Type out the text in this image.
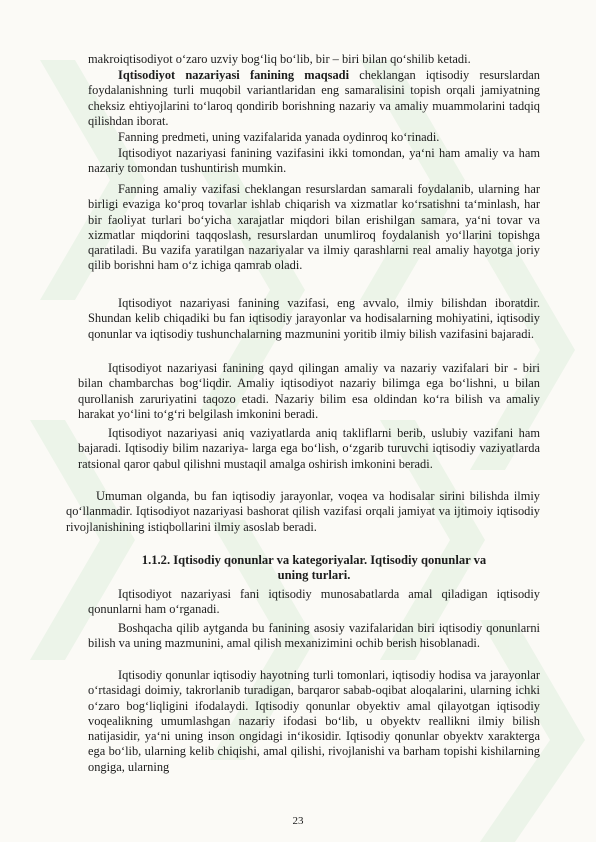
makroiqtisodiyot o‘zaro uzviy bog‘liq bo‘lib, bir – biri bilan qo‘shilib ketadi.

Iqtisodiyot nazariyasi fanining maqsadi cheklangan iqtisodiy resurslardan foydalanishning turli muqobil variantlaridan eng samaralisini topish orqali jamiyatning cheksiz ehtiyojlarini to‘laroq qondirib borishning nazariy va amaliy muammolarini tadqiq qilishdan iborat.

Fanning predmeti, uning vazifalarida yanada oydinroq ko‘rinadi.

Iqtisodiyot nazariyasi fanining vazifasini ikki tomondan, ya‘ni ham amaliy va ham nazariy tomondan tushuntirish mumkin.

Fanning amaliy vazifasi cheklangan resurslardan samarali foydalanib, ularning har birligi evaziga ko‘proq tovarlar ishlab chiqarish va xizmatlar ko‘rsatishni ta‘minlash, har bir faoliyat turlari bo‘yicha xarajatlar miqdori bilan erishilgan samara, ya‘ni tovar va xizmatlar miqdorini taqqoslash, resurslardan unumliroq foydalanish yo‘llarini topishga qaratiladi. Bu vazifa yaratilgan nazariyalar va ilmiy qarashlarni real amaliy hayotga joriy qilib borishni ham o‘z ichiga qamrab oladi.

Iqtisodiyot nazariyasi fanining vazifasi, eng avvalo, ilmiy bilishdan iboratdir. Shundan kelib chiqadiki bu fan iqtisodiy jarayonlar va hodisalarning mohiyatini, iqtisodiy qonunlar va iqtisodiy tushunchalarning mazmunini yoritib ilmiy bilish vazifasini bajaradi.

Iqtisodiyot nazariyasi fanining qayd qilingan amaliy va nazariy vazifalari bir - biri bilan chambarchas bog‘liqdir. Amaliy iqtisodiyot nazariy bilimga ega bo‘lishni, u bilan qurollanish zaruriyatini taqozo etadi. Nazariy bilim esa oldindan ko‘ra bilish va amaliy harakat yo‘lini to‘g‘ri belgilash imkonini beradi.

Iqtisodiyot nazariyasi aniq vaziyatlarda aniq takliflarni berib, uslubiy vazifani ham bajaradi. Iqtisodiy bilim nazariya- larga ega bo‘lish, o‘zgarib turuvchi iqtisodiy vaziyatlarda ratsional qaror qabul qilishni mustaqil amalga oshirish imkonini beradi.

Umuman olganda, bu fan iqtisodiy jarayonlar, voqea va hodisalar sirini bilishda ilmiy qo‘llanmadir. Iqtisodiyot nazariyasi bashorat qilish vazifasi orqali jamiyat va ijtimoiy iqtisodiy rivojlanishining istiqbollarini ilmiy asoslab beradi.

1.1.2. Iqtisodiy qonunlar va kategoriyalar. Iqtisodiy qonunlar va
uning turlari.

Iqtisodiyot nazariyasi fani iqtisodiy munosabatlarda amal qiladigan iqtisodiy qonunlarni ham o‘rganadi.

Boshqacha qilib aytganda bu fanining asosiy vazifalaridan biri iqtisodiy qonunlarni bilish va uning mazmunini, amal qilish mexanizimini ochib berish hisoblanadi.

Iqtisodiy qonunlar iqtisodiy hayotning turli tomonlari, iqtisodiy hodisa va jarayonlar o‘rtasidagi doimiy, takrorlanib turadigan, barqaror sabab-oqibat aloqalarini, ularning ichki o‘zaro bog‘liqligini ifodalaydi. Iqtisodiy qonunlar obyektiv amal qilayotgan iqtisodiy voqealikning umumlashgan nazariy ifodasi bo‘lib, u obyektv reallikni ilmiy bilish natijasidir, ya‘ni uning inson ongidagi in‘ikosidir. Iqtisodiy qonunlar obyektv xarakterga ega bo‘lib, ularning kelib chiqishi, amal qilishi, rivojlanishi va barham topishi kishilarning ongiga, ularning

23
